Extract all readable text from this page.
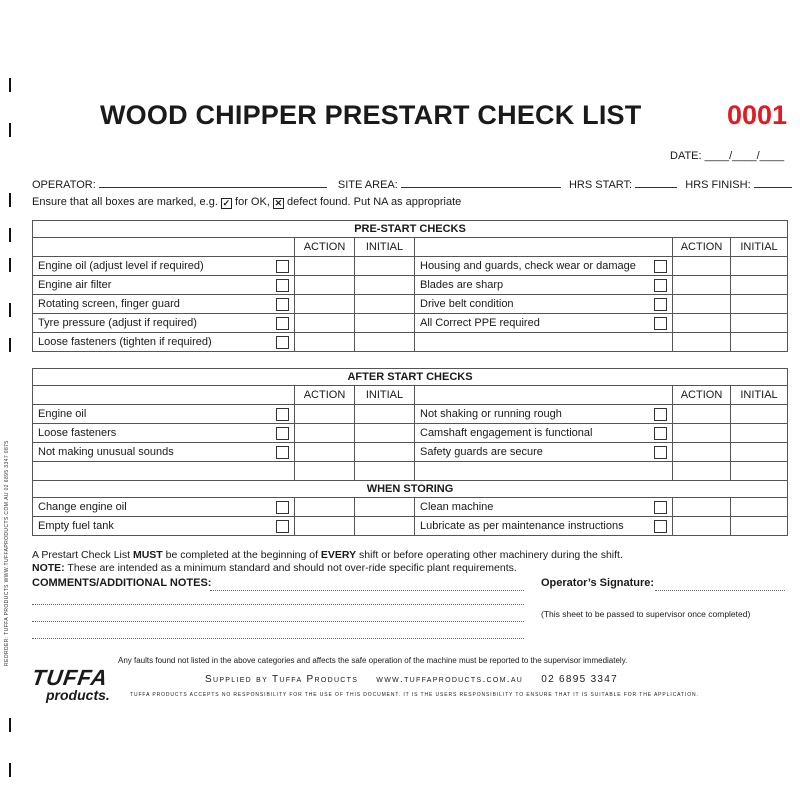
REORDER: TUFFA PRODUCTS WWW.TUFFAPRODUCTS.COM.AU 02 6895 3347 0875
WOOD CHIPPER PRESTART CHECK LIST	0001
DATE: ____/____/____
OPERATOR:	SITE AREA:	HRS START:	HRS FINISH:
Ensure that all boxes are marked, e.g. ✓ for OK, ✕ defect found. Put NA as appropriate
PRE-START CHECKS					
	ACTION	INITIAL		ACTION	INITIAL
Engine oil (adjust level if required)			Housing and guards, check wear or damage

Engine air filter			Blades are sharp

Rotating screen, finger guard			Drive belt condition

Tyre pressure (adjust if required)			All Correct PPE required

Loose fasteners (tighten if required)

AFTER START CHECKS					
	ACTION	INITIAL		ACTION	INITIAL
Engine oil			Not shaking or running rough

Loose fasteners			Camshaft engagement is functional

Not making unusual sounds			Safety guards are secure

WHEN STORING					
Change engine oil			Clean machine

Empty fuel tank			Lubricate as per maintenance instructions

A Prestart Check List MUST be completed at the beginning of EVERY shift or before operating other machinery during the shift.
NOTE: These are intended as a minimum standard and should not over-ride specific plant requirements.
COMMENTS/ADDITIONAL NOTES:	Operator’s Signature:
(This sheet to be passed to supervisor once completed)
Any faults found not listed in the above categories and affects the safe operation of the machine must be reported to the supervisor immediately.
TUFFA
products.
Supplied by Tuffa Products www.tuffaproducts.com.au 02 6895 3347
TUFFA PRODUCTS ACCEPTS NO RESPONSIBILITY FOR THE USE OF THIS DOCUMENT. IT IS THE USERS RESPONSIBILITY TO ENSURE THAT IT IS SUITABLE FOR THE APPLICATION.
